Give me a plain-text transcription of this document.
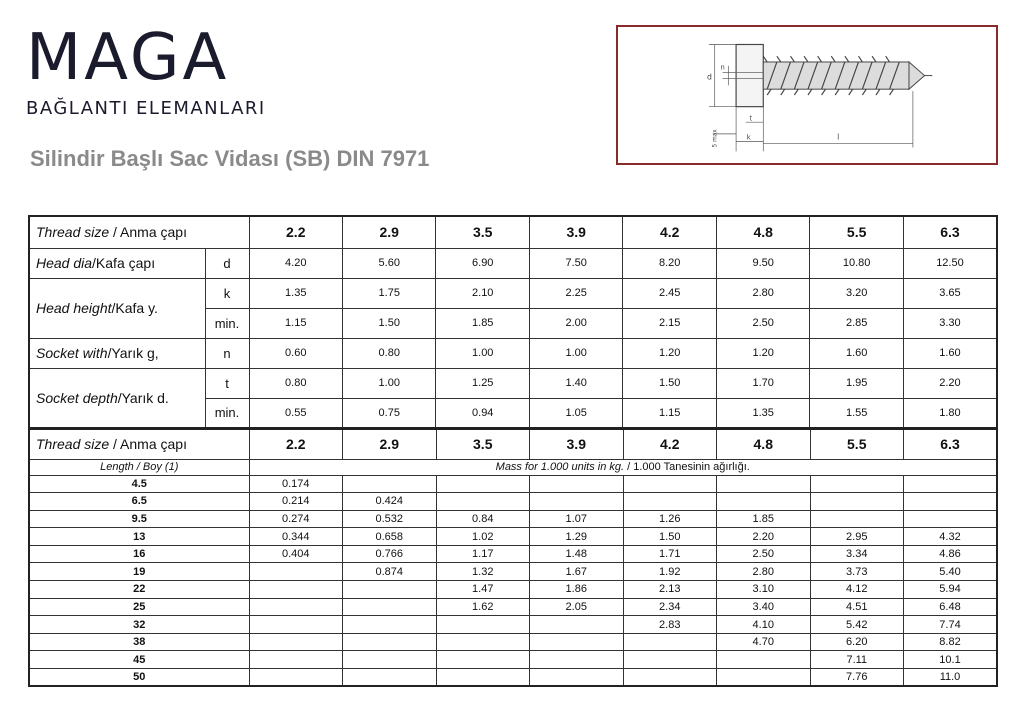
MAGA
BAĞLANTI ELEMANLARI
Silindir Başlı Sac Vidası (SB) DIN 7971
d
n
5 max
t
k	l
Thread size / Anma çapı		2.2	2.9	3.5	3.9	4.2	4.8	5.5	6.3
Head dia/Kafa çapı	d	4.20	5.60	6.90	7.50	8.20	9.50	10.80	12.50
Head height/Kafa y.	k	1.35	1.75	2.10	2.25	2.45	2.80	3.20	3.65
	min.	1.15	1.50	1.85	2.00	2.15	2.50	2.85	3.30
Socket with/Yarık g,	n	0.60	0.80	1.00	1.00	1.20	1.20	1.60	1.60
Socket depth/Yarık d.	t	0.80	1.00	1.25	1.40	1.50	1.70	1.95	2.20
	min.	0.55	0.75	0.94	1.05	1.15	1.35	1.55	1.80
Thread size / Anma çapı	2.2	2.9	3.5	3.9	4.2	4.8	5.5	6.3
Length / Boy (1)	Mass for 1.000 units in kg. / 1.000 Tanesinin ağırlığı.							
4.5	0.174							
6.5	0.214	0.424						
9.5	0.274	0.532	0.84	1.07	1.26	1.85		
13	0.344	0.658	1.02	1.29	1.50	2.20	2.95	4.32
16	0.404	0.766	1.17	1.48	1.71	2.50	3.34	4.86
19		0.874	1.32	1.67	1.92	2.80	3.73	5.40
22			1.47	1.86	2.13	3.10	4.12	5.94
25			1.62	2.05	2.34	3.40	4.51	6.48
32					2.83	4.10	5.42	7.74
38						4.70	6.20	8.82
45							7.11	10.1
50							7.76	11.0
